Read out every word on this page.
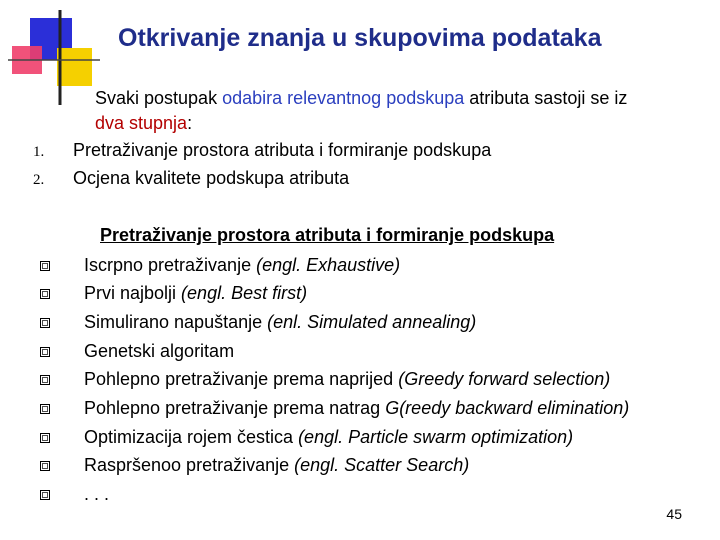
Otkrivanje znanja u skupovima podataka
Svaki postupak odabira relevantnog podskupa atributa sastoji se iz
dva stupnja:
1. Pretraživanje prostora atributa i formiranje podskupa
2. Ocjena kvalitete podskupa atributa
Pretraživanje prostora atributa i formiranje podskupa
Iscrpno pretraživanje (engl. Exhaustive)
Prvi najbolji (engl. Best first)
Simulirano napuštanje (enl. Simulated annealing)
Genetski algoritam
Pohlepno pretraživanje prema naprijed (Greedy forward selection)
Pohlepno pretraživanje prema natrag G(reedy backward elimination)
Optimizacija rojem čestica (engl. Particle swarm optimization)
Raspršenoo pretraživanje (engl. Scatter Search)
. . .
45
